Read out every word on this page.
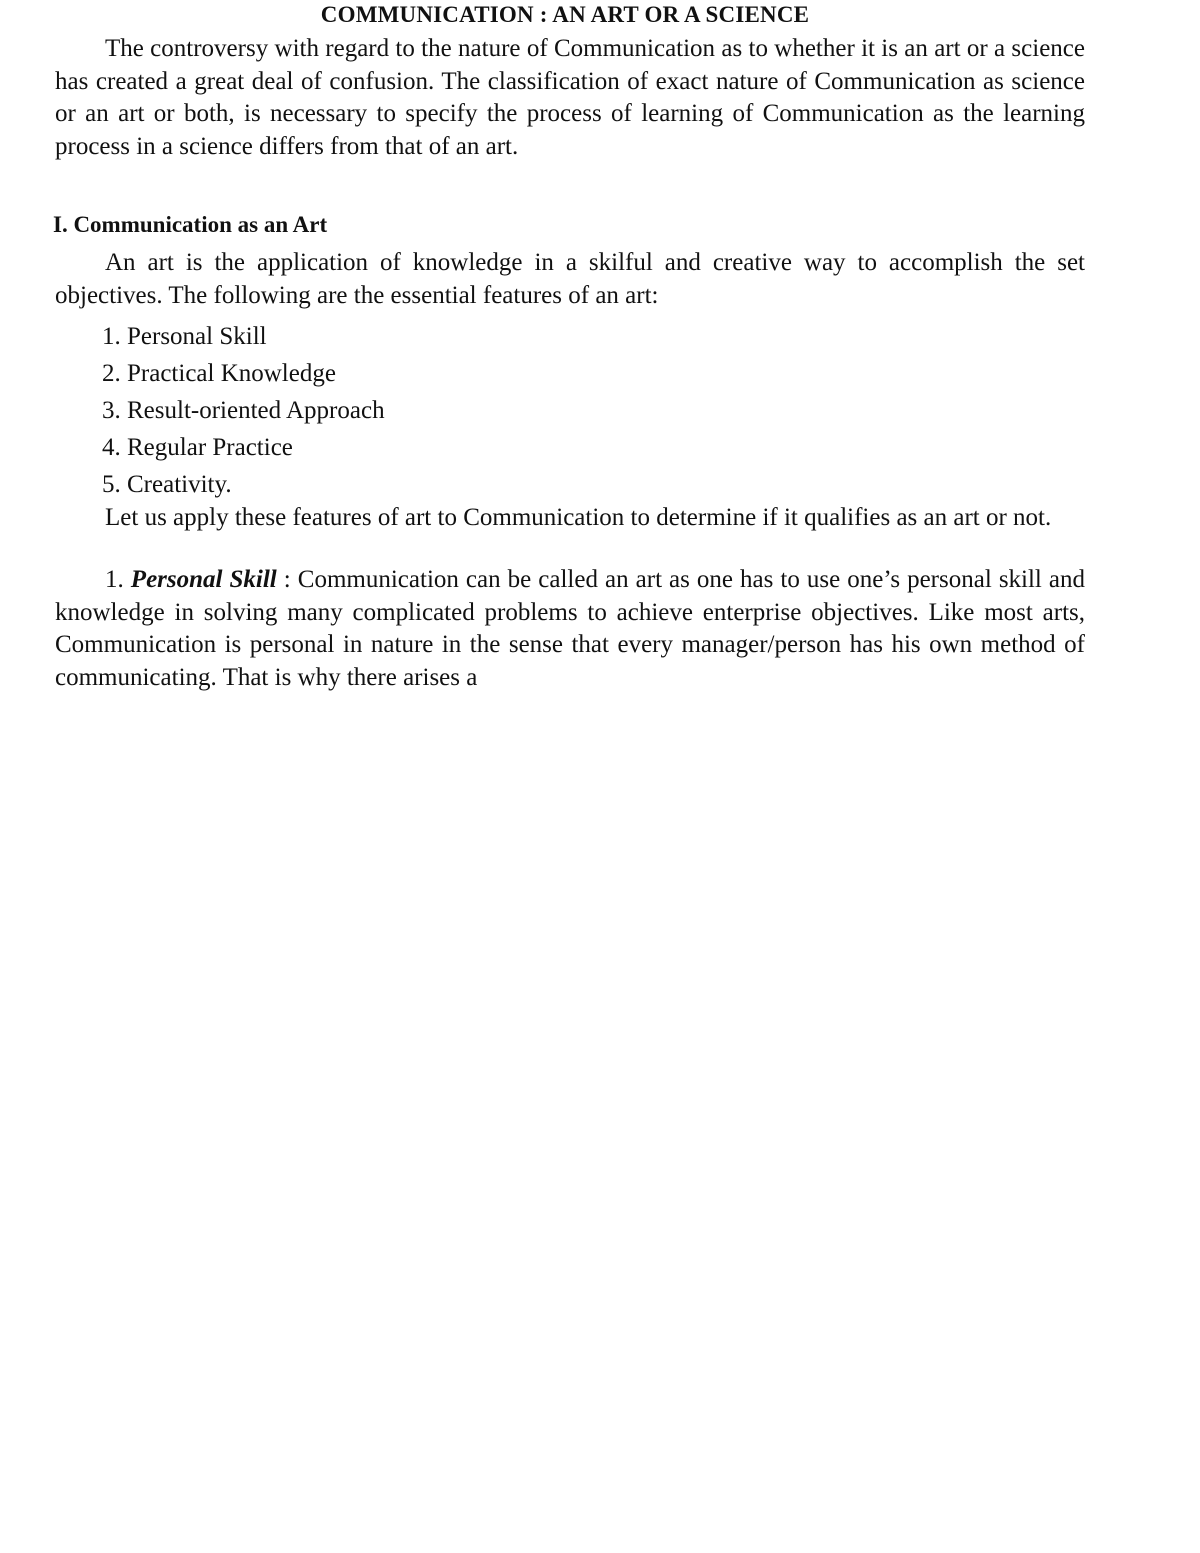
COMMUNICATION : AN ART OR A SCIENCE

The controversy with regard to the nature of Communication as to whether it is an art or a science has created a great deal of confusion. The classification of exact nature of Communication as science or an art or both, is necessary to specify the process of learning of Communication as the learning process in a science differs from that of an art.

I. Communication as an Art

An art is the application of knowledge in a skilful and creative way to accomplish the set objectives. The following are the essential features of an art:

1. Personal Skill
2. Practical Knowledge
3. Result-oriented Approach
4. Regular Practice
5. Creativity.

Let us apply these features of art to Communication to determine if it qualifies as an art or not.

1. Personal Skill : Communication can be called an art as one has to use one’s personal skill and knowledge in solving many complicated problems to achieve enterprise objectives. Like most arts, Communication is personal in nature in the sense that every manager/person has his own method of communicating. That is why there arises a
